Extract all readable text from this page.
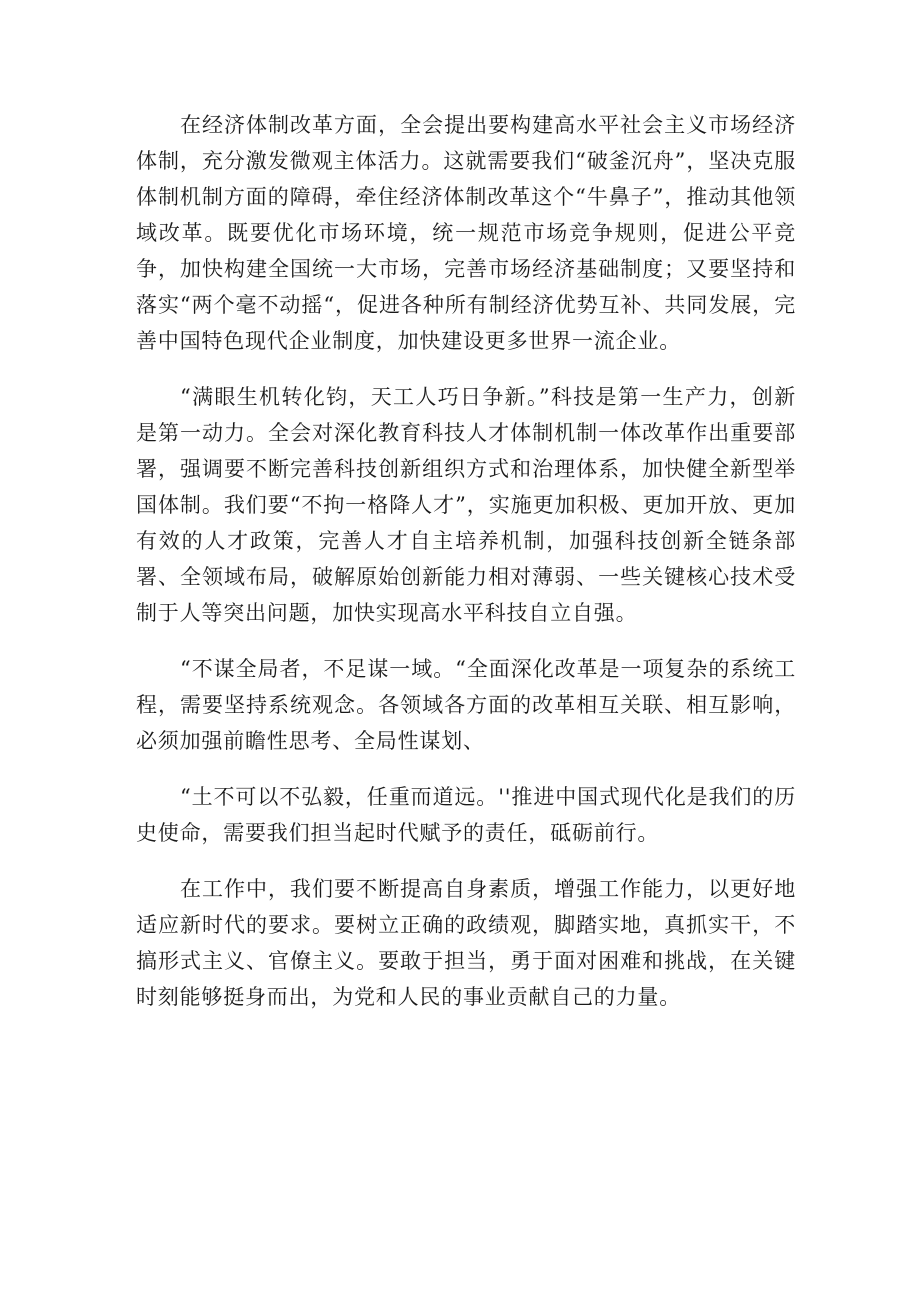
在经济体制改革方面，全会提出要构建高水平社会主义市场经济体制，充分激发微观主体活力。这就需要我们“破釜沉舟”，坚决克服体制机制方面的障碍，牵住经济体制改革这个“牛鼻子”，推动其他领域改革。既要优化市场环境，统一规范市场竞争规则，促进公平竞争，加快构建全国统一大市场，完善市场经济基础制度；又要坚持和落实“两个毫不动摇“，促进各种所有制经济优势互补、共同发展，完善中国特色现代企业制度，加快建设更多世界一流企业。

“满眼生机转化钧，天工人巧日争新。”科技是第一生产力，创新是第一动力。全会对深化教育科技人才体制机制一体改革作出重要部署，强调要不断完善科技创新组织方式和治理体系，加快健全新型举国体制。我们要“不拘一格降人才”，实施更加积极、更加开放、更加有效的人才政策，完善人才自主培养机制，加强科技创新全链条部署、全领域布局，破解原始创新能力相对薄弱、一些关键核心技术受制于人等突出问题，加快实现高水平科技自立自强。

“不谋全局者，不足谋一域。“全面深化改革是一项复杂的系统工程，需要坚持系统观念。各领域各方面的改革相互关联、相互影响，必须加强前瞻性思考、全局性谋划、

“土不可以不弘毅，任重而道远。''推进中国式现代化是我们的历史使命，需要我们担当起时代赋予的责任，砥砺前行。

在工作中，我们要不断提高自身素质，增强工作能力，以更好地适应新时代的要求。要树立正确的政绩观，脚踏实地，真抓实干，不搞形式主义、官僚主义。要敢于担当，勇于面对困难和挑战，在关键时刻能够挺身而出，为党和人民的事业贡献自己的力量。
